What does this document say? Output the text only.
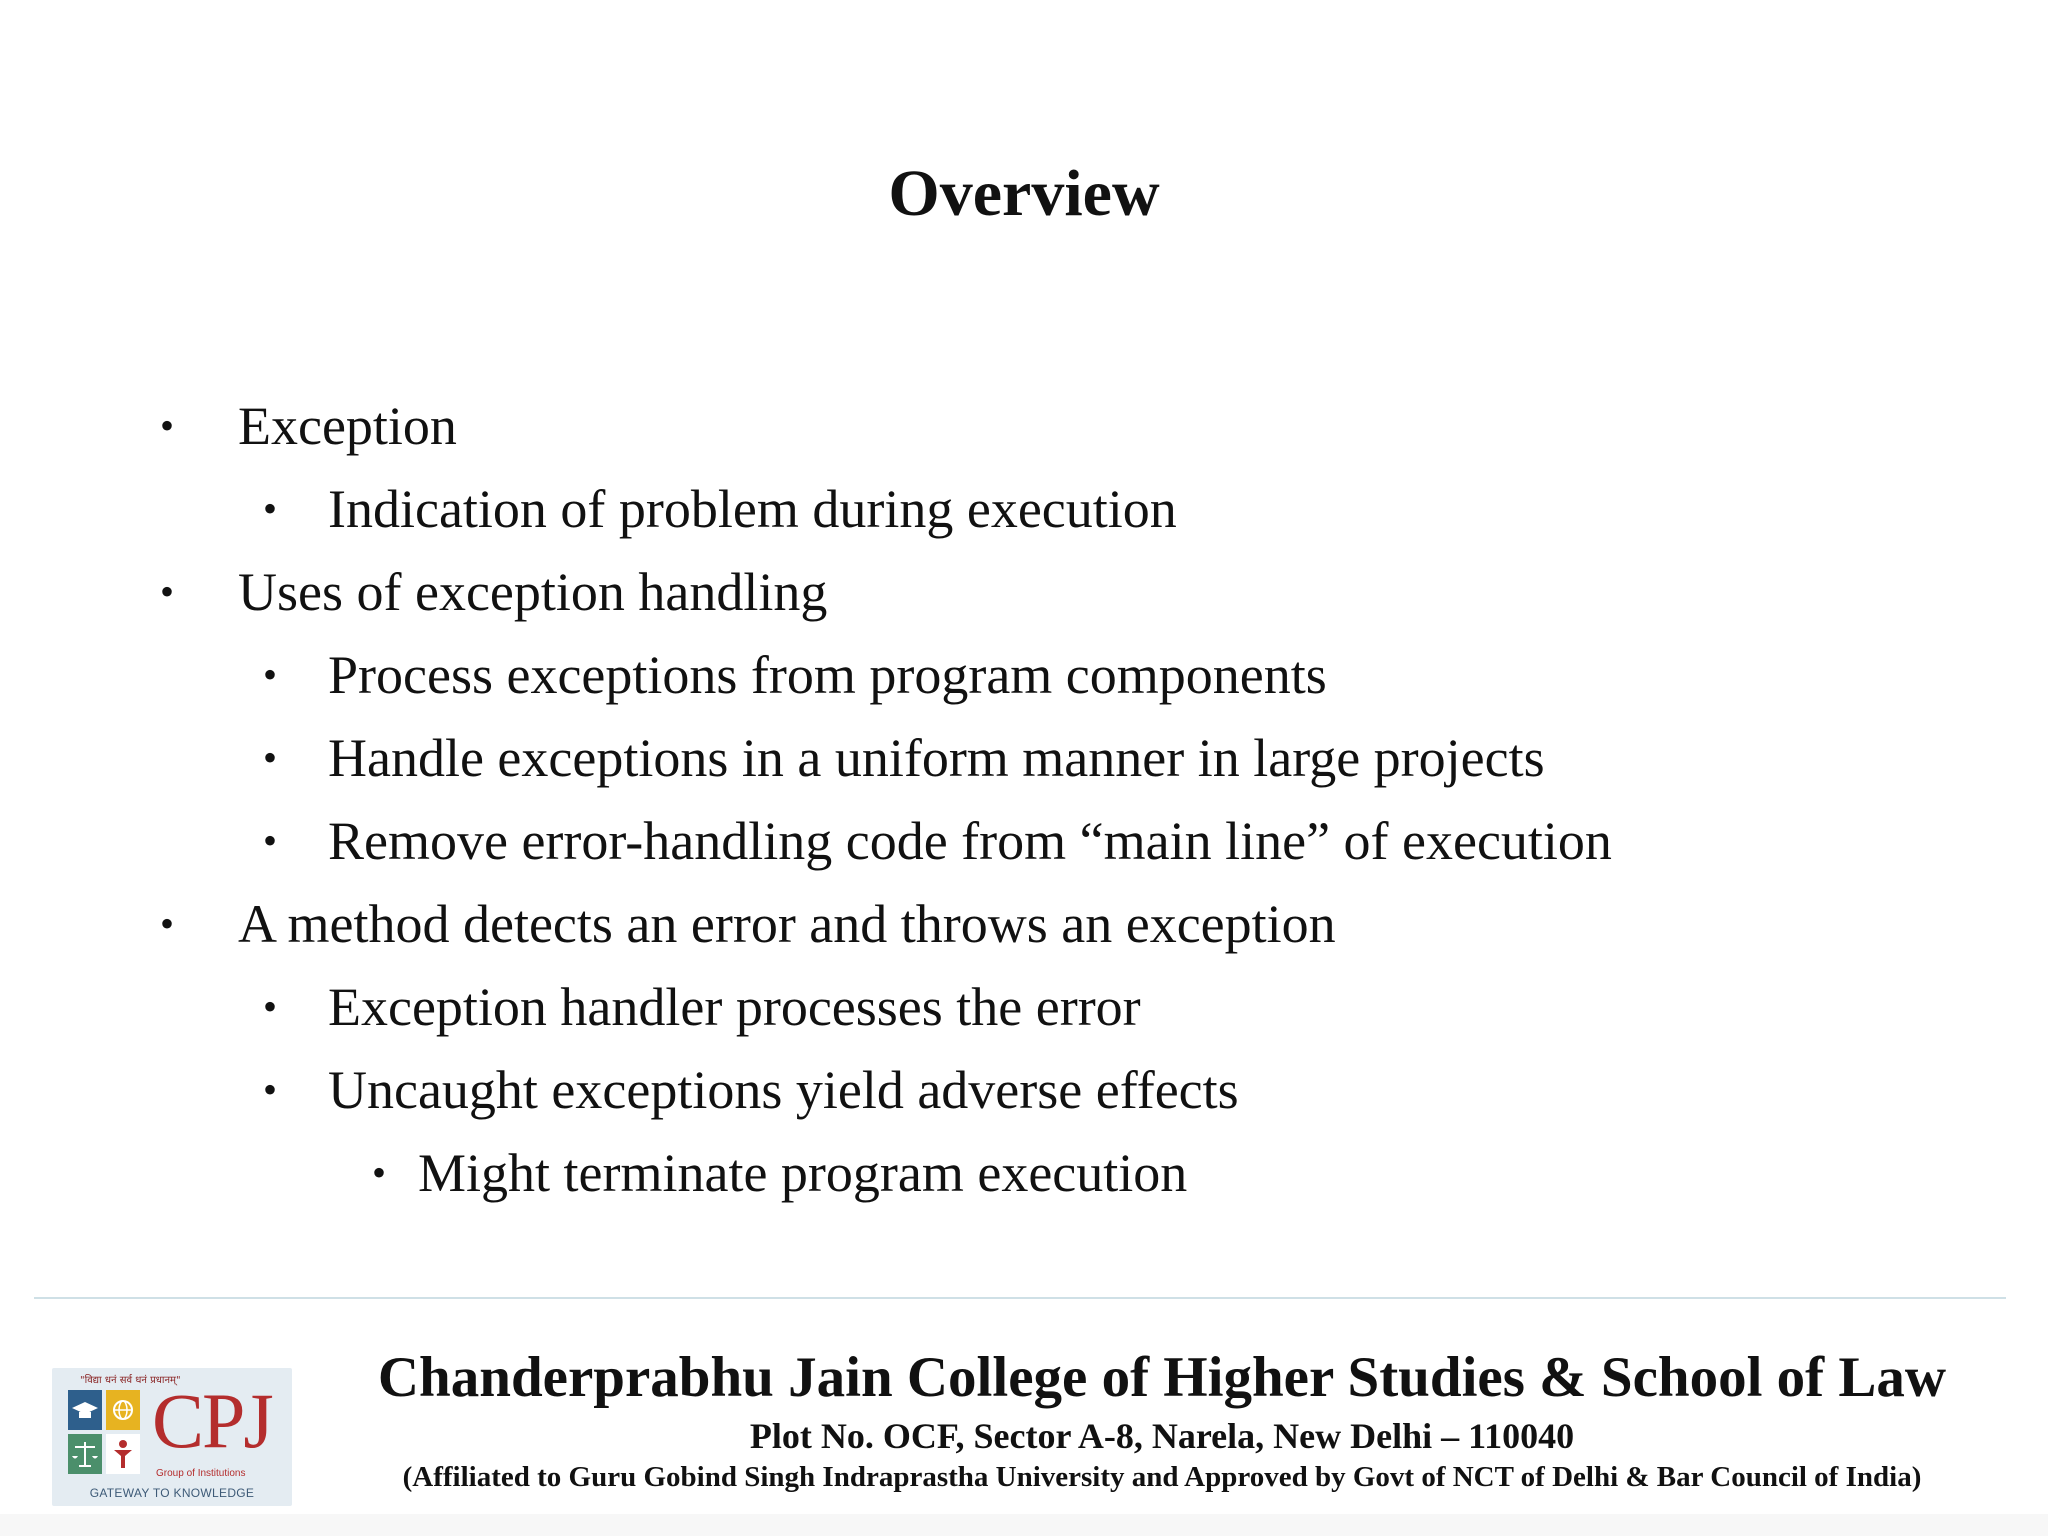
Overview
• Exception
• Indication of problem during execution
• Uses of exception handling
• Process exceptions from program components
• Handle exceptions in a uniform manner in large projects
• Remove error-handling code from “main line” of execution
• A method detects an error and throws an exception
• Exception handler processes the error
• Uncaught exceptions yield adverse effects
• Might terminate program execution
"विद्या धनं सर्व धनं प्रधानम्"
CPJ
Group of Institutions
GATEWAY TO KNOWLEDGE
Chanderprabhu Jain College of Higher Studies & School of Law
Plot No. OCF, Sector A-8, Narela, New Delhi – 110040
(Affiliated to Guru Gobind Singh Indraprastha University and Approved by Govt of NCT of Delhi & Bar Council of India)
